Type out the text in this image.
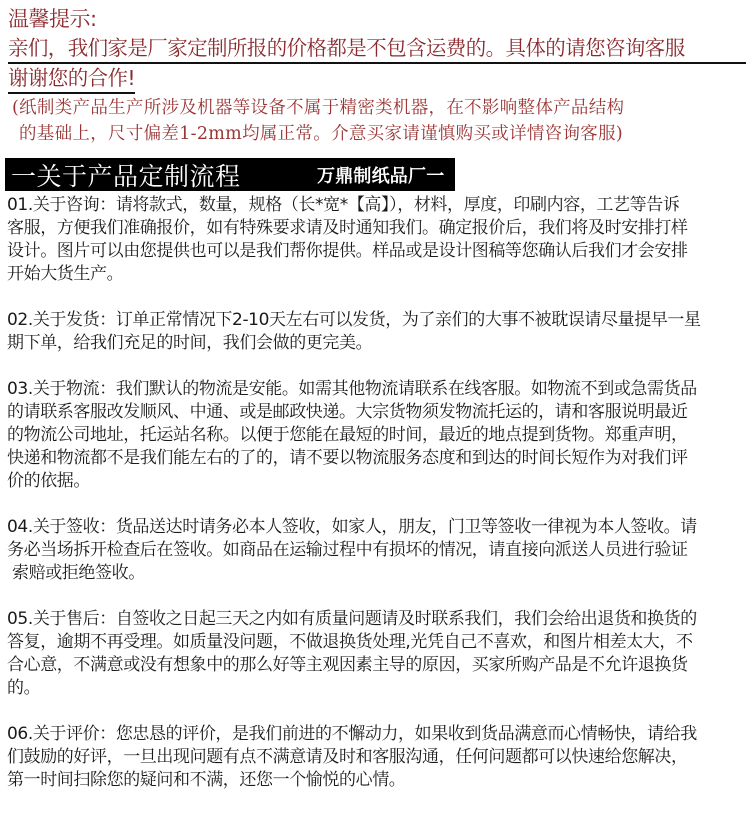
温馨提示:
亲们，我们家是厂家定制所报的价格都是不包含运费的。具体的请您咨询客服
谢谢您的合作!
(纸制类产品生产所涉及机器等设备不属于精密类机器，在不影响整体产品结构
的基础上，尺寸偏差1-2mm均属正常。介意买家请谨慎购买或详情咨询客服)
一关于产品定制流程	万鼎制纸品厂一
01.关于咨询：请将款式，数量，规格（长*宽*【高】），材料，厚度，印刷内容，工艺等告诉
客服，方便我们准确报价，如有特殊要求请及时通知我们。确定报价后，我们将及时安排打样
设计。图片可以由您提供也可以是我们帮你提供。样品或是设计图稿等您确认后我们才会安排
开始大货生产。
02.关于发货：订单正常情况下2-10天左右可以发货，为了亲们的大事不被耽误请尽量提早一星
期下单，给我们充足的时间，我们会做的更完美。
03.关于物流：我们默认的物流是安能。如需其他物流请联系在线客服。如物流不到或急需货品
的请联系客服改发顺风、中通、或是邮政快递。大宗货物须发物流托运的，请和客服说明最近
的物流公司地址，托运站名称。以便于您能在最短的时间，最近的地点提到货物。郑重声明，
快递和物流都不是我们能左右的了的，请不要以物流服务态度和到达的时间长短作为对我们评
价的依据。
04.关于签收：货品送达时请务必本人签收，如家人，朋友，门卫等签收一律视为本人签收。请
务必当场拆开检查后在签收。如商品在运输过程中有损坏的情况，请直接向派送人员进行验证
索赔或拒绝签收。
05.关于售后：自签收之日起三天之内如有质量问题请及时联系我们，我们会给出退货和换货的
答复，逾期不再受理。如质量没问题，不做退换货处理,光凭自己不喜欢，和图片相差太大，不
合心意，不满意或没有想象中的那么好等主观因素主导的原因，买家所购产品是不允许退换货
的。
06.关于评价：您忠恳的评价，是我们前进的不懈动力，如果收到货品满意而心情畅快，请给我
们鼓励的好评，一旦出现问题有点不满意请及时和客服沟通，任何问题都可以快速给您解决，
第一时间扫除您的疑问和不满，还您一个愉悦的心情。
